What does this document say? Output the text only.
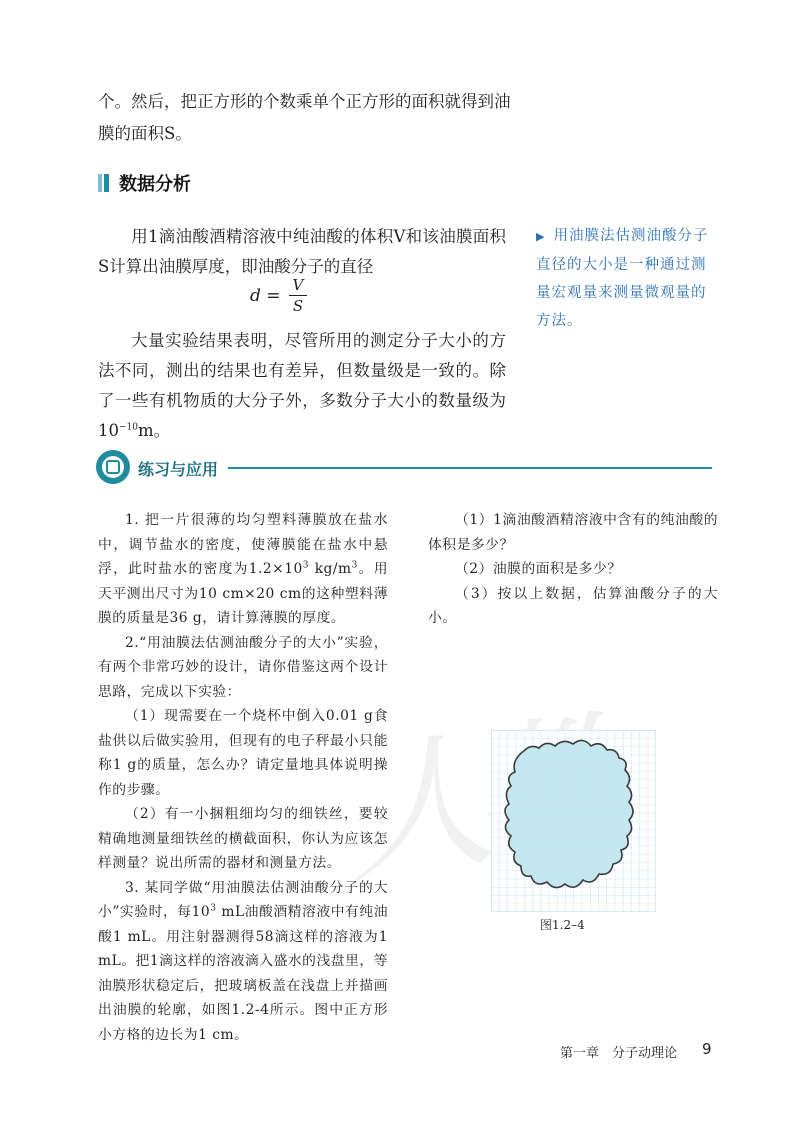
人教
个。然后，把正方形的个数乘单个正方形的面积就得到油
膜的面积S。
数据分析
用1滴油酸酒精溶液中纯油酸的体积V和该油膜面积S计算出油膜厚度，即油酸分子的直径
$d = \frac{V}{S}$
大量实验结果表明，尽管所用的测定分子大小的方法不同，测出的结果也有差异，但数量级是一致的。除了一些有机物质的大分子外，多数分子大小的数量级为$10^{-10}m$。
▶ 用油膜法估测油酸分子直径的大小是一种通过测量宏观量来测量微观量的方法。
练习与应用

1. 把一片很薄的均匀塑料薄膜放在盐水中，调节盐水的密度，使薄膜能在盐水中悬浮，此时盐水的密度为$1.2\times 10^3$ $kg/m^3$。用天平测出尺寸为10 cm×20 cm的这种塑料薄膜的质量是36 g，请计算薄膜的厚度。

2.“用油膜法估测油酸分子的大小”实验，有两个非常巧妙的设计，请你借鉴这两个设计思路，完成以下实验：

（1）现需要在一个烧杯中倒入0.01 g食盐供以后做实验用，但现有的电子秤最小只能称1 g的质量，怎么办？请定量地具体说明操作的步骤。

（2）有一小捆粗细均匀的细铁丝，要较精确地测量细铁丝的横截面积，你认为应该怎样测量？说出所需的器材和测量方法。

3. 某同学做“用油膜法估测油酸分子的大小”实验时，每$10^3$ mL油酸酒精溶液中有纯油酸1 mL。用注射器测得58滴这样的溶液为1 mL。把1滴这样的溶液滴入盛水的浅盘里，等油膜形状稳定后，把玻璃板盖在浅盘上并描画出油膜的轮廓，如图1.2-4所示。图中正方形小方格的边长为1 cm。

（1）1滴油酸酒精溶液中含有的纯油酸的体积是多少？

（2）油膜的面积是多少？

（3）按以上数据，估算油酸分子的大小。

图1.2–4
第一章　分子动理论 9
